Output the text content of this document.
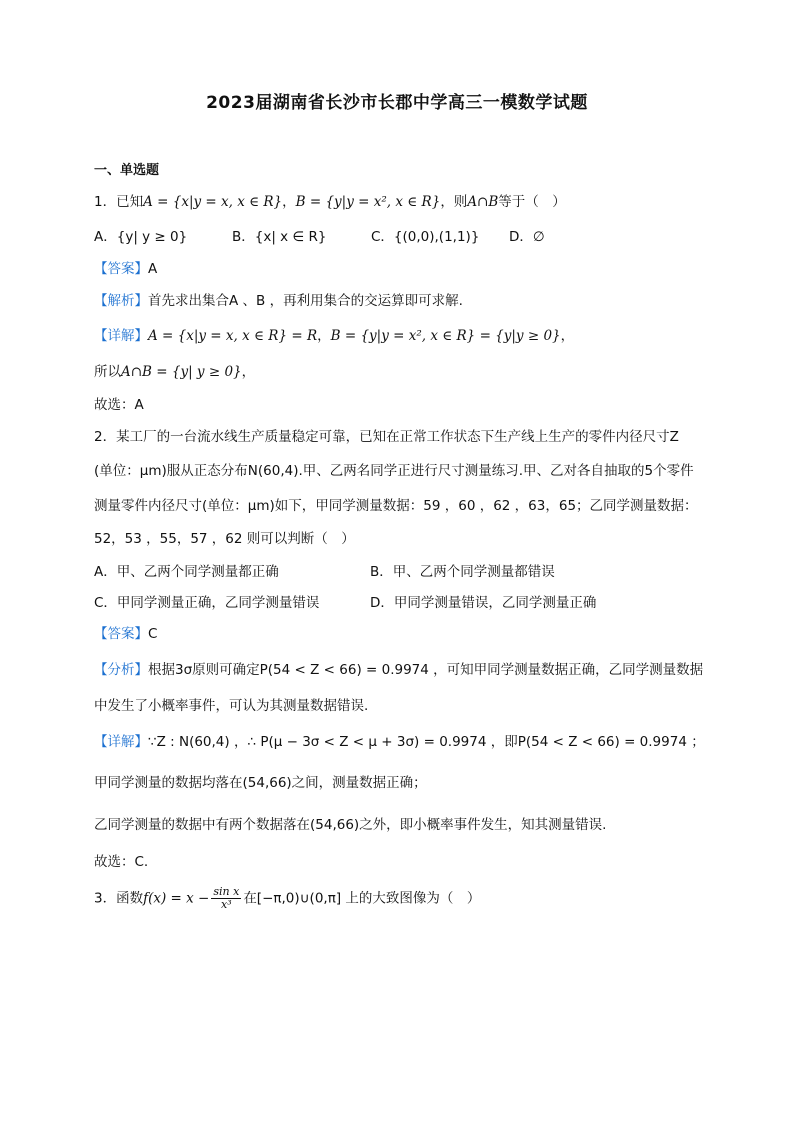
2023届湖南省长沙市长郡中学高三一模数学试题
一、单选题
1．已知A = {x|y = x, x ∈ R}，B = {y|y = x², x ∈ R}，则A∩B等于（　）
A．{y| y ≥ 0}	B．{x| x ∈ R}	C．{(0,0),(1,1)} D．∅
【答案】A
【解析】首先求出集合A 、B ，再利用集合的交运算即可求解.
【详解】A = {x|y = x, x ∈ R} = R，B = {y|y = x², x ∈ R} = {y|y ≥ 0}，
所以A∩B = {y| y ≥ 0}，
故选：A
2．某工厂的一台流水线生产质量稳定可靠，已知在正常工作状态下生产线上生产的零件内径尺寸Z
(单位：μm)服从正态分布N(60,4).甲、乙两名同学正进行尺寸测量练习.甲、乙对各自抽取的5个零件
测量零件内径尺寸(单位：μm)如下，甲同学测量数据：59 ，60 ，62 ，63，65；乙同学测量数据：
52，53 ，55，57 ，62 则可以判断（　）
A．甲、乙两个同学测量都正确	B．甲、乙两个同学测量都错误
C．甲同学测量正确，乙同学测量错误	D．甲同学测量错误，乙同学测量正确
【答案】C
【分析】根据3σ原则可确定P(54 < Z < 66) = 0.9974 ，可知甲同学测量数据正确，乙同学测量数据
中发生了小概率事件，可认为其测量数据错误.
【详解】∵Z : N(60,4) ，∴ P(μ − 3σ < Z < μ + 3σ) = 0.9974 ，即P(54 < Z < 66) = 0.9974 ；
甲同学测量的数据均落在(54,66)之间，测量数据正确；
乙同学测量的数据中有两个数据落在(54,66)之外，即小概率事件发生，知其测量错误.
故选：C.
3．函数$f(x) = x - \frac{\text{sin x}}{\text{x³}}$ 在[−π,0)∪(0,π] 上的大致图像为（　）
